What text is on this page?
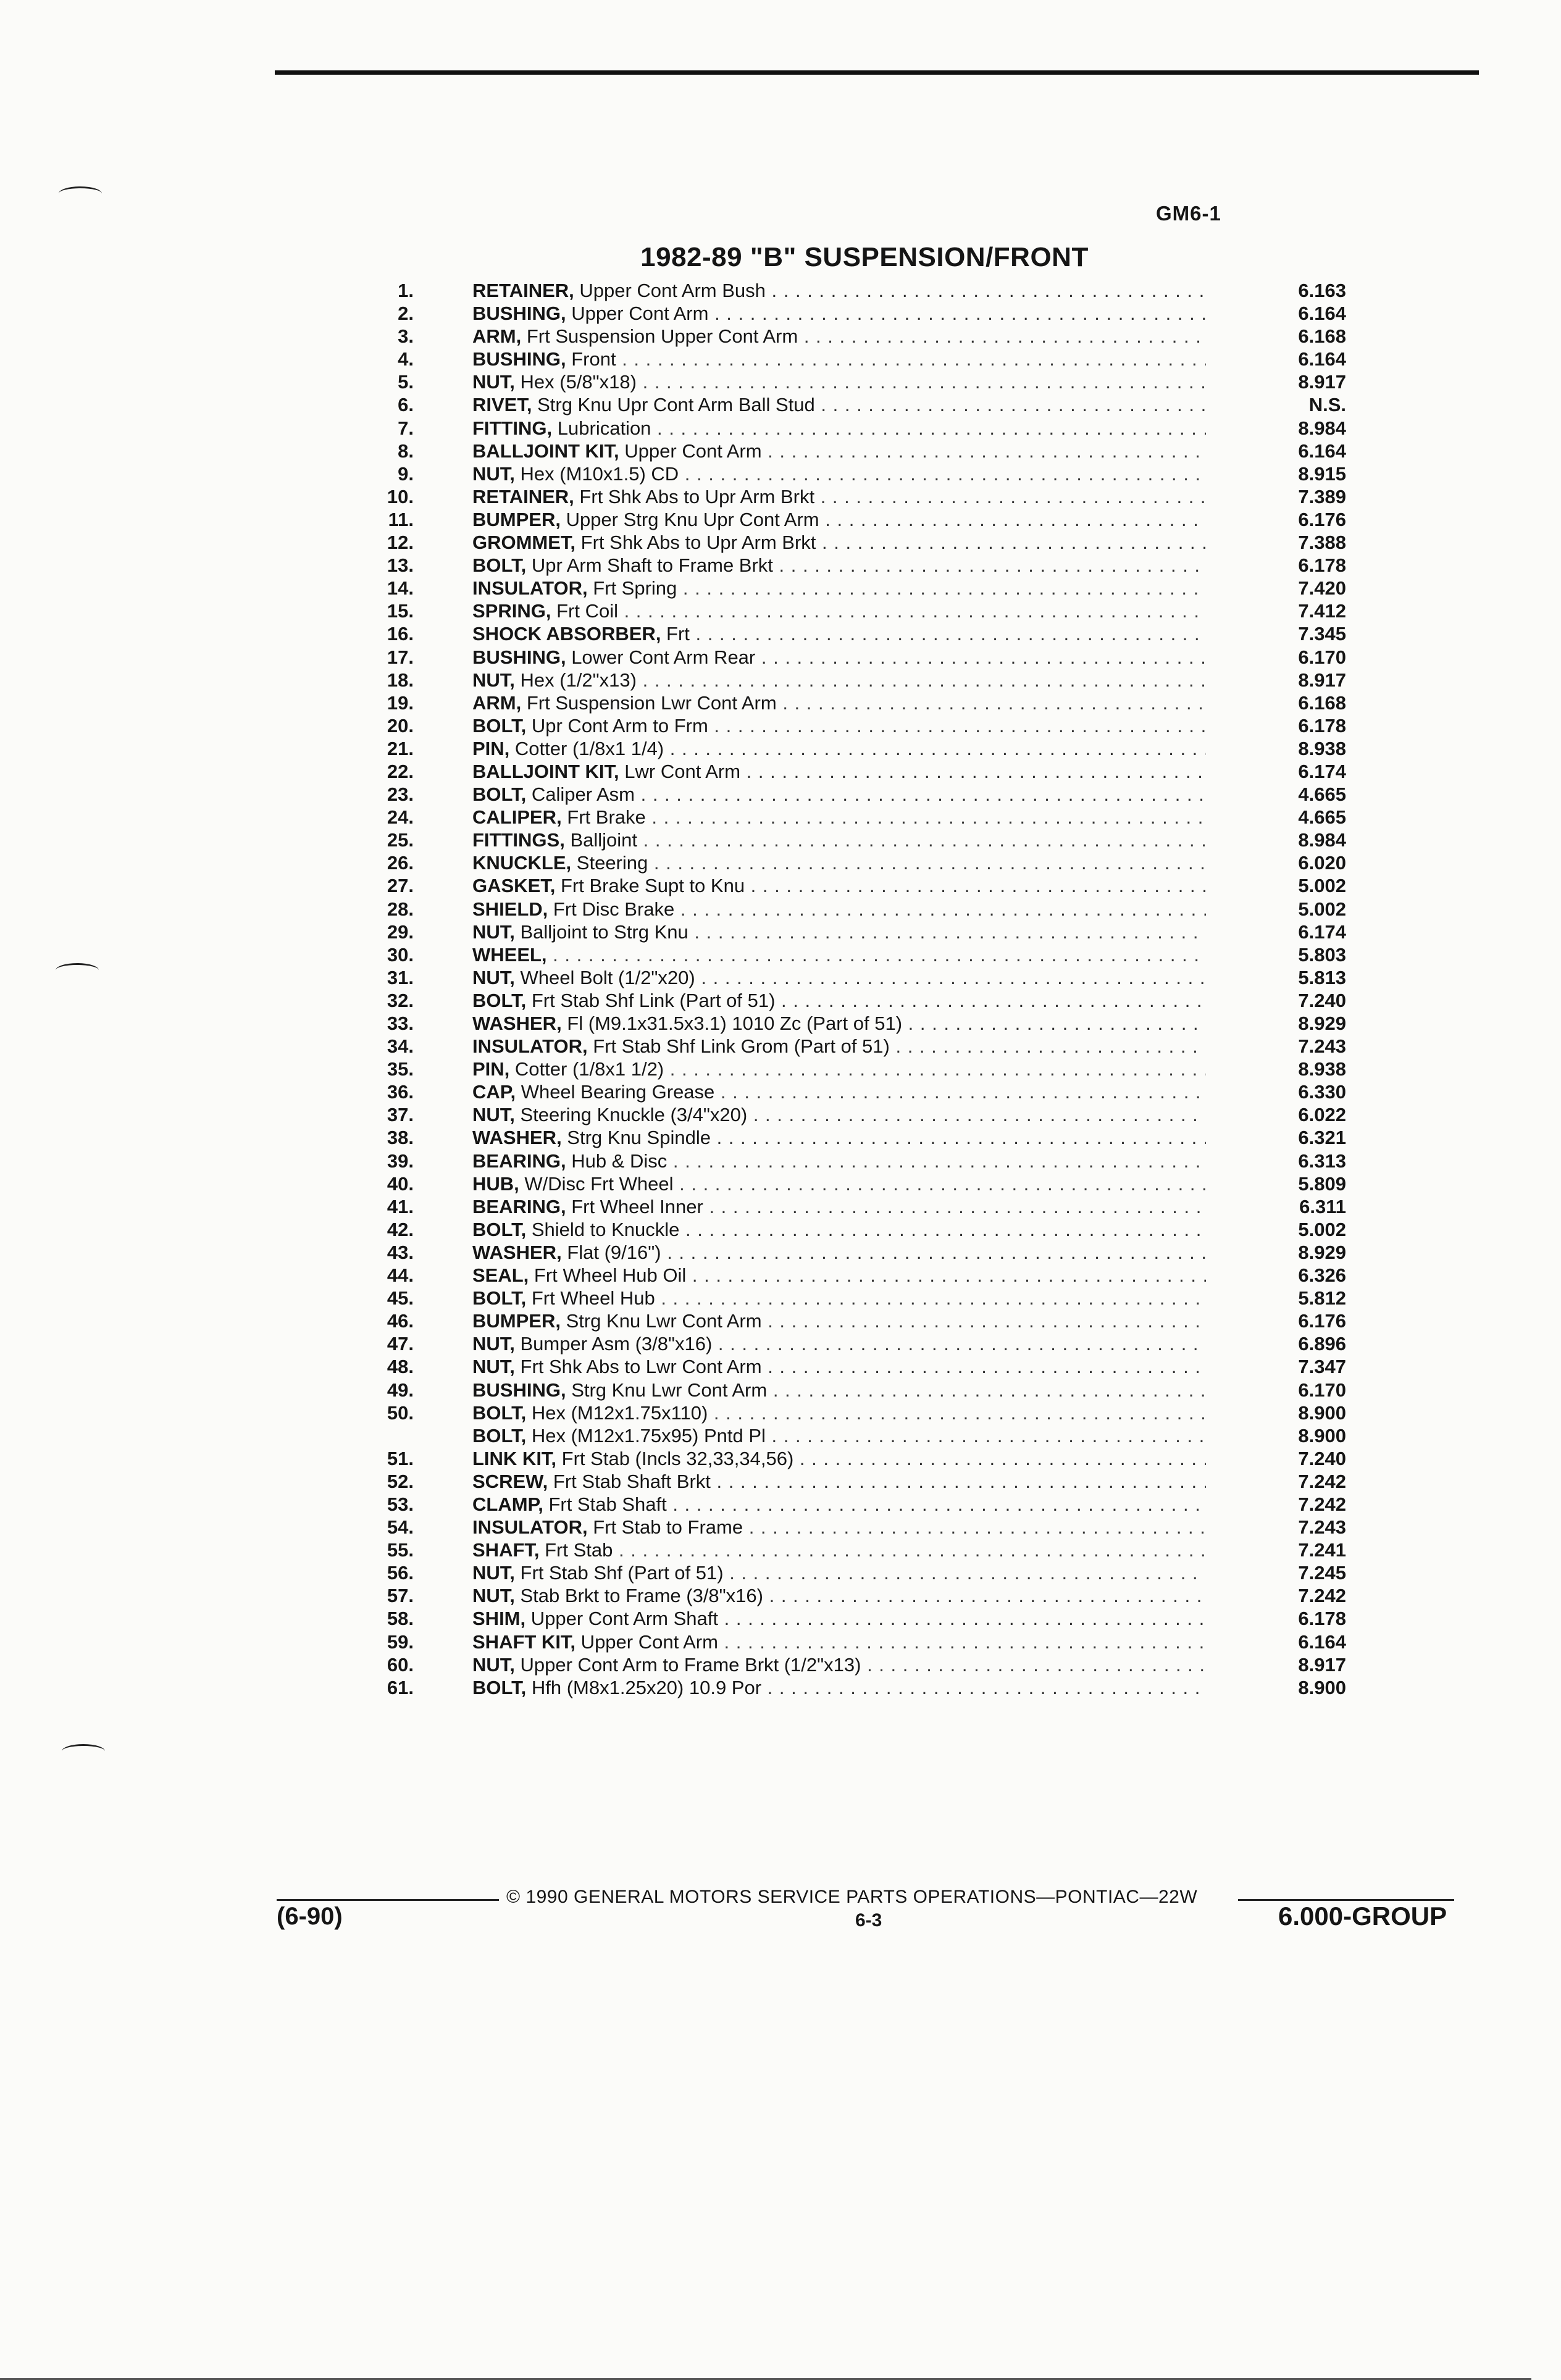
GM6-1
1982-89 "B" SUSPENSION/FRONT
1.	RETAINER, Upper Cont Arm Bush . . .	6.163
2.	BUSHING, Upper Cont Arm . . .	6.164
3.	ARM, Frt Suspension Upper Cont Arm . . .	6.168
4.	BUSHING, Front . . .	6.164
5.	NUT, Hex (5/8"x18) . . .	8.917
6.	RIVET, Strg Knu Upr Cont Arm Ball Stud . . .	N.S.
7.	FITTING, Lubrication . . .	8.984
8.	BALLJOINT KIT, Upper Cont Arm . . .	6.164
9.	NUT, Hex (M10x1.5) CD . . .	8.915
10.	RETAINER, Frt Shk Abs to Upr Arm Brkt . . .	7.389
11.	BUMPER, Upper Strg Knu Upr Cont Arm . . .	6.176
12.	GROMMET, Frt Shk Abs to Upr Arm Brkt . . .	7.388
13.	BOLT, Upr Arm Shaft to Frame Brkt . . .	6.178
14.	INSULATOR, Frt Spring . . .	7.420
15.	SPRING, Frt Coil . . .	7.412
16.	SHOCK ABSORBER, Frt . . .	7.345
17.	BUSHING, Lower Cont Arm Rear . . .	6.170
18.	NUT, Hex (1/2"x13) . . .	8.917
19.	ARM, Frt Suspension Lwr Cont Arm . . .	6.168
20.	BOLT, Upr Cont Arm to Frm . . .	6.178
21.	PIN, Cotter (1/8x1 1/4) . . .	8.938
22.	BALLJOINT KIT, Lwr Cont Arm . . .	6.174
23.	BOLT, Caliper Asm . . .	4.665
24.	CALIPER, Frt Brake . . .	4.665
25.	FITTINGS, Balljoint . . .	8.984
26.	KNUCKLE, Steering . . .	6.020
27.	GASKET, Frt Brake Supt to Knu . . .	5.002
28.	SHIELD, Frt Disc Brake . . .	5.002
29.	NUT, Balljoint to Strg Knu . . .	6.174
30.	WHEEL, . . .	5.803
31.	NUT, Wheel Bolt (1/2"x20) . . .	5.813
32.	BOLT, Frt Stab Shf Link (Part of 51) . . .	7.240
33.	WASHER, Fl (M9.1x31.5x3.1) 1010 Zc (Part of 51) . . .	8.929
34.	INSULATOR, Frt Stab Shf Link Grom (Part of 51) . . .	7.243
35.	PIN, Cotter (1/8x1 1/2) . . .	8.938
36.	CAP, Wheel Bearing Grease . . .	6.330
37.	NUT, Steering Knuckle (3/4"x20) . . .	6.022
38.	WASHER, Strg Knu Spindle . . .	6.321
39.	BEARING, Hub & Disc . . .	6.313
40.	HUB, W/Disc Frt Wheel . . .	5.809
41.	BEARING, Frt Wheel Inner . . .	6.311
42.	BOLT, Shield to Knuckle . . .	5.002
43.	WASHER, Flat (9/16") . . .	8.929
44.	SEAL, Frt Wheel Hub Oil . . .	6.326
45.	BOLT, Frt Wheel Hub . . .	5.812
46.	BUMPER, Strg Knu Lwr Cont Arm . . .	6.176
47.	NUT, Bumper Asm (3/8"x16) . . .	6.896
48.	NUT, Frt Shk Abs to Lwr Cont Arm . . .	7.347
49.	BUSHING, Strg Knu Lwr Cont Arm . . .	6.170
50.	BOLT, Hex (M12x1.75x110) . . .	8.900
BOLT, Hex (M12x1.75x95) Pntd Pl . . .	8.900
51.	LINK KIT, Frt Stab (Incls 32,33,34,56) . . .	7.240
52.	SCREW, Frt Stab Shaft Brkt . . .	7.242
53.	CLAMP, Frt Stab Shaft . . .	7.242
54.	INSULATOR, Frt Stab to Frame . . .	7.243
55.	SHAFT, Frt Stab . . .	7.241
56.	NUT, Frt Stab Shf (Part of 51) . . .	7.245
57.	NUT, Stab Brkt to Frame (3/8"x16) . . .	7.242
58.	SHIM, Upper Cont Arm Shaft . . .	6.178
59.	SHAFT KIT, Upper Cont Arm . . .	6.164
60.	NUT, Upper Cont Arm to Frame Brkt (1/2"x13) . . .	8.917
61.	BOLT, Hfh (M8x1.25x20) 10.9 Por . . .	8.900
© 1990 GENERAL MOTORS SERVICE PARTS OPERATIONS—PONTIAC—22W
(6-90)	6-3	6.000-GROUP
